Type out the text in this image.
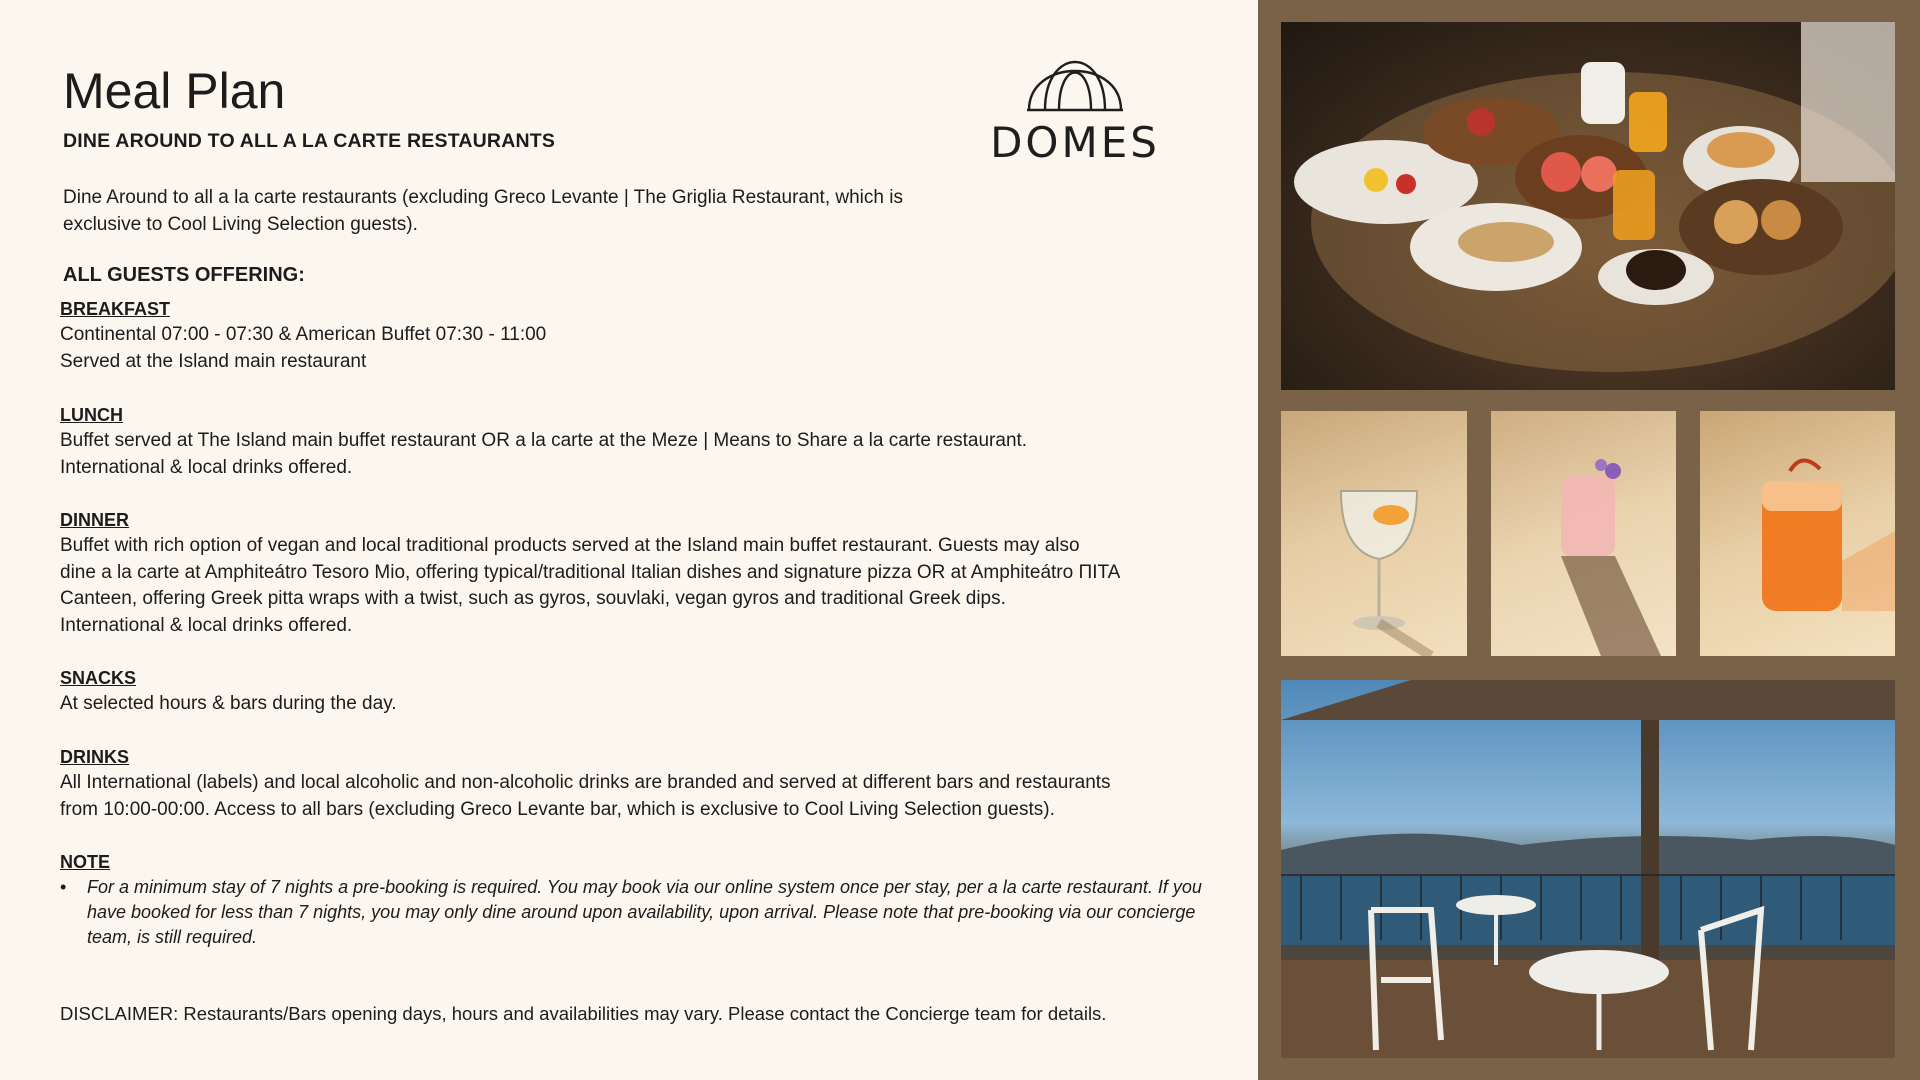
Meal Plan
DINE AROUND TO ALL A LA CARTE RESTAURANTS	DOMES

Dine Around to all a la carte restaurants (excluding Greco Levante | The Griglia Restaurant, which is exclusive to Cool Living Selection guests).

ALL GUESTS OFFERING:

BREAKFAST

Continental 07:00 - 07:30 & American Buffet 07:30 - 11:00

Served at the Island main restaurant

LUNCH

Buffet served at The Island main buffet restaurant OR a la carte at the Meze | Means to Share a la carte restaurant.

International & local drinks offered.

DINNER

Buffet with rich option of vegan and local traditional products served at the Island main buffet restaurant. Guests may also

dine a la carte at Amphiteátro Tesoro Mio, offering typical/traditional Italian dishes and signature pizza OR at Amphiteátro ΠΙΤΑ

Canteen, offering Greek pitta wraps with a twist, such as gyros, souvlaki, vegan gyros and traditional Greek dips.

International & local drinks offered.

SNACKS

At selected hours & bars during the day.

DRINKS

All International (labels) and local alcoholic and non-alcoholic drinks are branded and served at different bars and restaurants

from 10:00-00:00. Access to all bars (excluding Greco Levante bar, which is exclusive to Cool Living Selection guests).

NOTE

• For a minimum stay of 7 nights a pre-booking is required. You may book via our online system once per stay, per a la carte restaurant. If you have booked for less than 7 nights, you may only dine around upon availability, upon arrival. Please note that pre-booking via our concierge team, is still required.

DISCLAIMER: Restaurants/Bars opening days, hours and availabilities may vary. Please contact the Concierge team for details.
